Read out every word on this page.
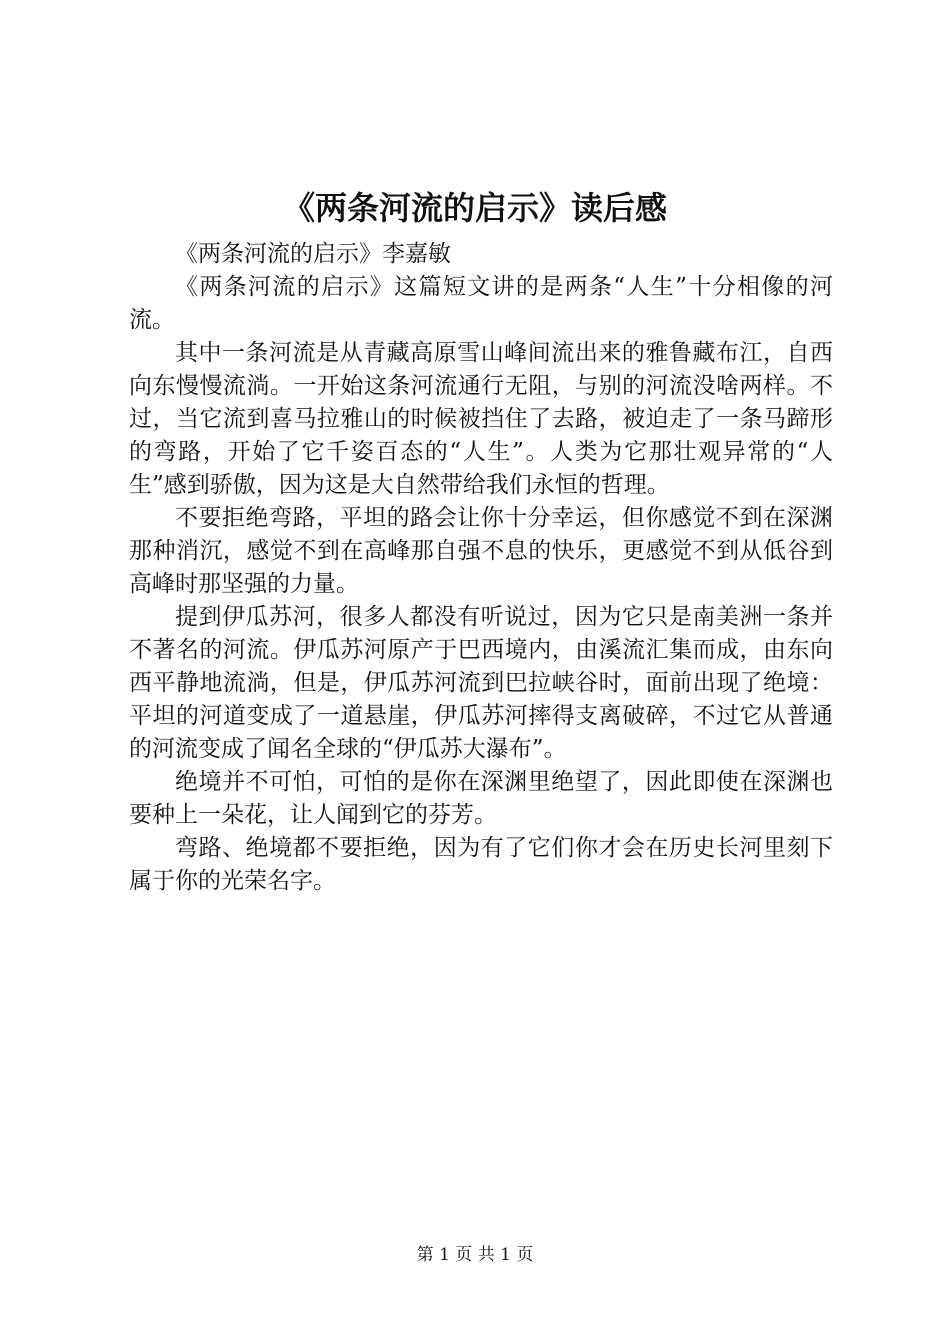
《两条河流的启示》读后感

《两条河流的启示》李嘉敏

《两条河流的启示》这篇短文讲的是两条“人生”十分相像的河流。

其中一条河流是从青藏高原雪山峰间流出来的雅鲁藏布江，自西向东慢慢流淌。一开始这条河流通行无阻，与别的河流没啥两样。不过，当它流到喜马拉雅山的时候被挡住了去路，被迫走了一条马蹄形的弯路，开始了它千姿百态的“人生”。人类为它那壮观异常的“人生”感到骄傲，因为这是大自然带给我们永恒的哲理。

不要拒绝弯路，平坦的路会让你十分幸运，但你感觉不到在深渊那种消沉，感觉不到在高峰那自强不息的快乐，更感觉不到从低谷到高峰时那坚强的力量。

提到伊瓜苏河，很多人都没有听说过，因为它只是南美洲一条并不著名的河流。伊瓜苏河原产于巴西境内，由溪流汇集而成，由东向西平静地流淌，但是，伊瓜苏河流到巴拉峡谷时，面前出现了绝境：平坦的河道变成了一道悬崖，伊瓜苏河摔得支离破碎，不过它从普通的河流变成了闻名全球的“伊瓜苏大瀑布”。

绝境并不可怕，可怕的是你在深渊里绝望了，因此即使在深渊也要种上一朵花，让人闻到它的芬芳。

弯路、绝境都不要拒绝，因为有了它们你才会在历史长河里刻下属于你的光荣名字。

第 1 页 共 1 页
